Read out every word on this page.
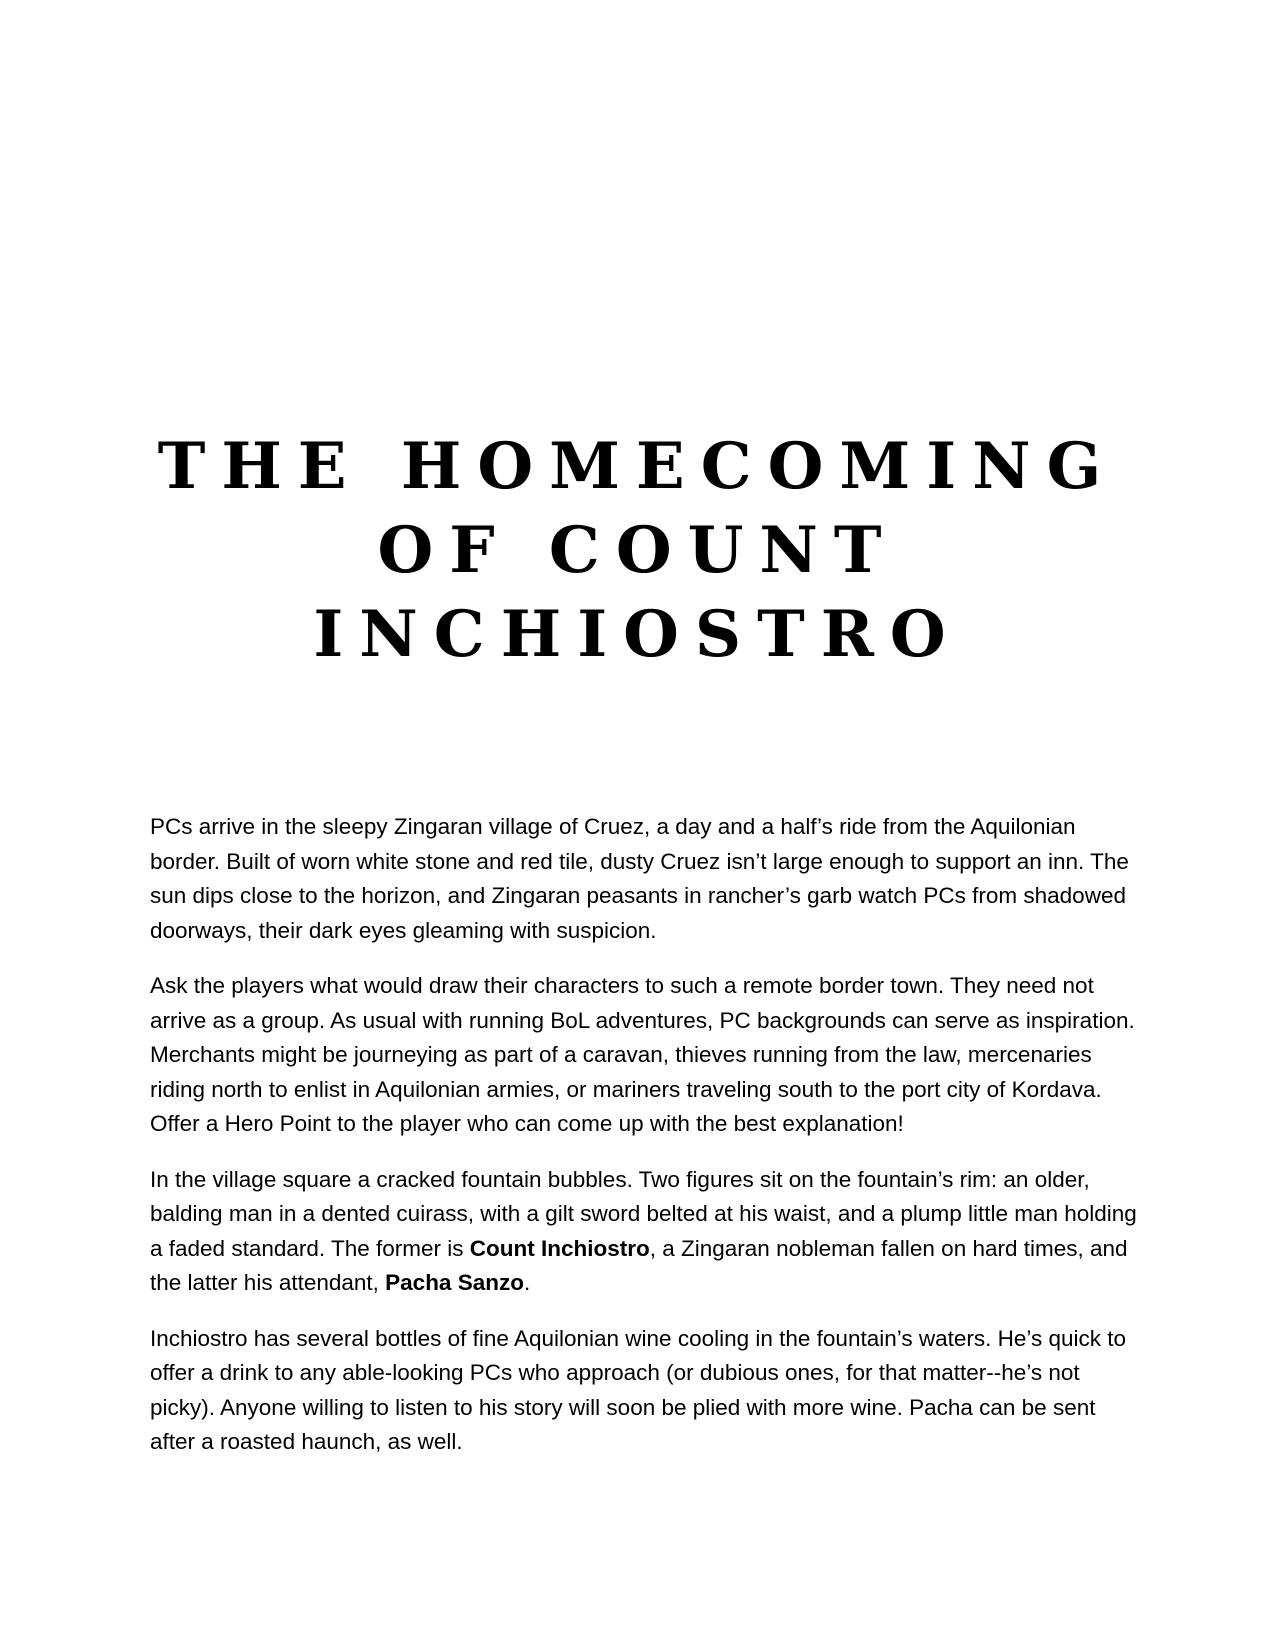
THE HOMECOMING
OF COUNT
INCHIOSTRO

PCs arrive in the sleepy Zingaran village of Cruez, a day and a half’s ride from the Aquilonian border. Built of worn white stone and red tile, dusty Cruez isn’t large enough to support an inn. The sun dips close to the horizon, and Zingaran peasants in rancher’s garb watch PCs from shadowed doorways, their dark eyes gleaming with suspicion.

Ask the players what would draw their characters to such a remote border town. They need not arrive as a group. As usual with running BoL adventures, PC backgrounds can serve as inspiration. Merchants might be journeying as part of a caravan, thieves running from the law, mercenaries riding north to enlist in Aquilonian armies, or mariners traveling south to the port city of Kordava. Offer a Hero Point to the player who can come up with the best explanation!

In the village square a cracked fountain bubbles. Two figures sit on the fountain’s rim: an older, balding man in a dented cuirass, with a gilt sword belted at his waist, and a plump little man holding a faded standard. The former is Count Inchiostro, a Zingaran nobleman fallen on hard times, and the latter his attendant, Pacha Sanzo.

Inchiostro has several bottles of fine Aquilonian wine cooling in the fountain’s waters. He’s quick to offer a drink to any able-looking PCs who approach (or dubious ones, for that matter--he’s not picky). Anyone willing to listen to his story will soon be plied with more wine. Pacha can be sent after a roasted haunch, as well.
